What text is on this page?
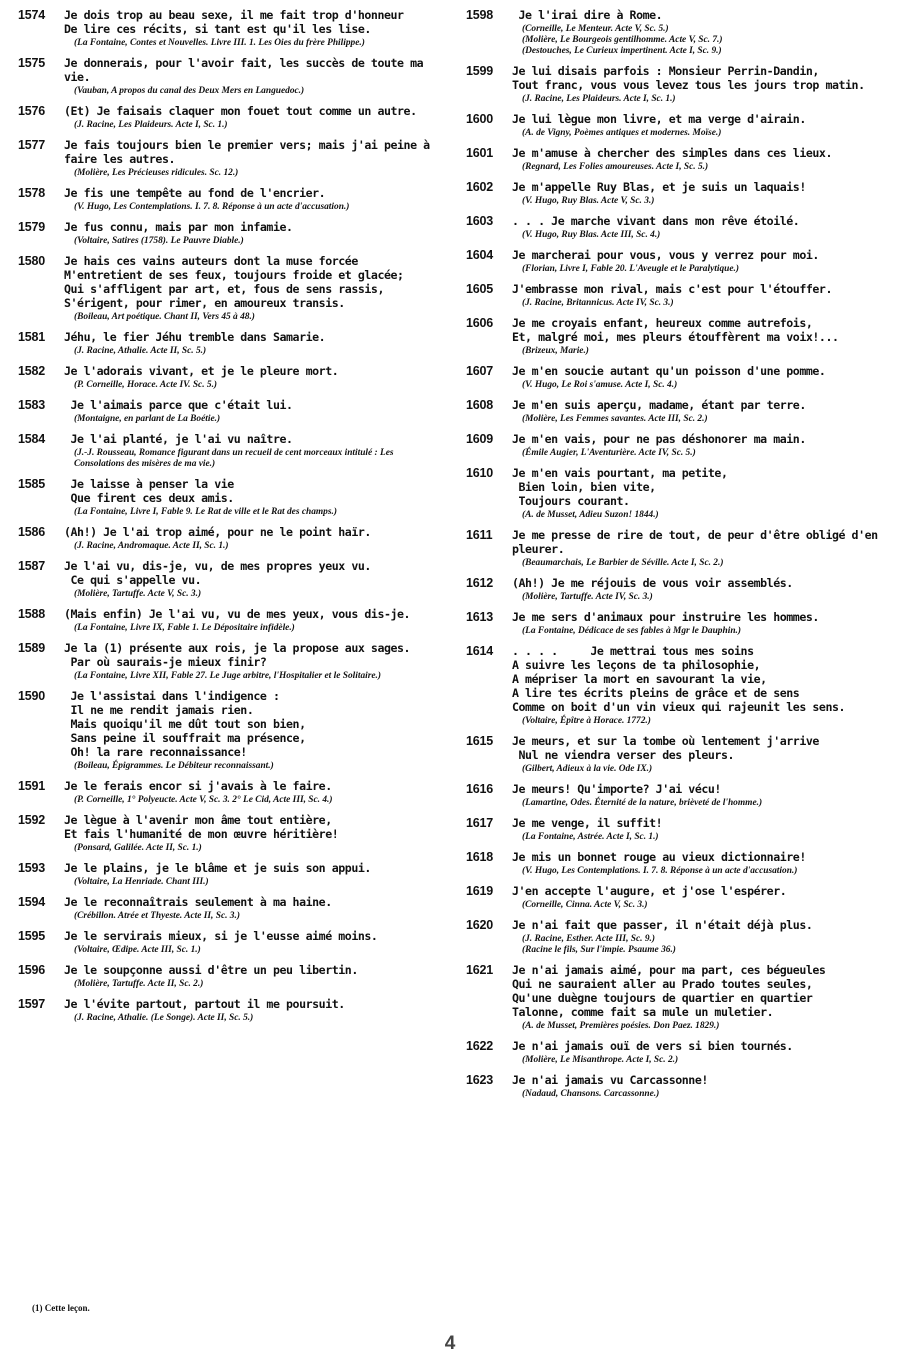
1574	Je dois trop au beau sexe, il me fait trop d'honneur
De lire ces récits, si tant est qu'il les lise.
(La Fontaine, Contes et Nouvelles. Livre III. 1. Les Oies du frère Philippe.)
1575	Je donnerais, pour l'avoir fait, les succès de toute ma vie.
(Vauban, A propos du canal des Deux Mers en Languedoc.)
1576	(Et) Je faisais claquer mon fouet tout comme un autre.
(J. Racine, Les Plaideurs. Acte I, Sc. 1.)
1577	Je fais toujours bien le premier vers; mais j'ai peine à faire les autres.
(Molière, Les Précieuses ridicules. Sc. 12.)
1578	Je fis une tempête au fond de l'encrier.
(V. Hugo, Les Contemplations. I. 7. 8. Réponse à un acte d'accusation.)
1579	Je fus connu, mais par mon infamie.
(Voltaire, Satires (1758). Le Pauvre Diable.)
1580	Je hais ces vains auteurs dont la muse forcée
M'entretient de ses feux, toujours froide et glacée;
Qui s'affligent par art, et, fous de sens rassis,
S'érigent, pour rimer, en amoureux transis.
(Boileau, Art poétique. Chant II, Vers 45 à 48.)
1581	Jéhu, le fier Jéhu tremble dans Samarie.
(J. Racine, Athalie. Acte II, Sc. 5.)
1582	Je l'adorais vivant, et je le pleure mort.
(P. Corneille, Horace. Acte IV. Sc. 5.)
1583	Je l'aimais parce que c'était lui.
(Montaigne, en parlant de La Boétie.)
1584	Je l'ai planté, je l'ai vu naître.
(J.-J. Rousseau, Romance figurant dans un recueil de cent morceaux intitulé : Les Consolations des misères de ma vie.)
1585	Je laisse à penser la vie
Que firent ces deux amis.
(La Fontaine, Livre I, Fable 9. Le Rat de ville et le Rat des champs.)
1586	(Ah!) Je l'ai trop aimé, pour ne le point haïr.
(J. Racine, Andromaque. Acte II, Sc. 1.)
1587	Je l'ai vu, dis-je, vu, de mes propres yeux vu.
Ce qui s'appelle vu.
(Molière, Tartuffe. Acte V, Sc. 3.)
1588	(Mais enfin) Je l'ai vu, vu de mes yeux, vous dis-je.
(La Fontaine, Livre IX, Fable 1. Le Dépositaire infidèle.)
1589	Je la (1) présente aux rois, je la propose aux sages.
Par où saurais-je mieux finir?
(La Fontaine, Livre XII, Fable 27. Le Juge arbitre, l'Hospitalier et le Solitaire.)
1590	Je l'assistai dans l'indigence :
Il ne me rendit jamais rien.
Mais quoiqu'il me dût tout son bien,
Sans peine il souffrait ma présence,
Oh! la rare reconnaissance!
(Boileau, Épigrammes. Le Débiteur reconnaissant.)
1591	Je le ferais encor si j'avais à le faire.
(P. Corneille, 1° Polyeucte. Acte V, Sc. 3. 2° Le Cid, Acte III, Sc. 4.)
1592	Je lègue à l'avenir mon âme tout entière,
Et fais l'humanité de mon œuvre héritière!
(Ponsard, Galilée. Acte II, Sc. 1.)
1593	Je le plains, je le blâme et je suis son appui.
(Voltaire, La Henriade. Chant III.)
1594	Je le reconnaîtrais seulement à ma haine.
(Crébillon. Atrée et Thyeste. Acte II, Sc. 3.)
1595	Je le servirais mieux, si je l'eusse aimé moins.
(Voltaire, Œdipe. Acte III, Sc. 1.)
1596	Je le soupçonne aussi d'être un peu libertin.
(Molière, Tartuffe. Acte II, Sc. 2.)
1597	Je l'évite partout, partout il me poursuit.
(J. Racine, Athalie. (Le Songe). Acte II, Sc. 5.)
1598	Je l'irai dire à Rome.
(Corneille, Le Menteur. Acte V, Sc. 5.)
(Molière, Le Bourgeois gentilhomme. Acte V, Sc. 7.)
(Destouches, Le Curieux impertinent. Acte I, Sc. 9.)
1599	Je lui disais parfois : Monsieur Perrin-Dandin,
Tout franc, vous vous levez tous les jours trop matin.
(J. Racine, Les Plaideurs. Acte I, Sc. 1.)
1600	Je lui lègue mon livre, et ma verge d'airain.
(A. de Vigny, Poèmes antiques et modernes. Moïse.)
1601	Je m'amuse à chercher des simples dans ces lieux.
(Regnard, Les Folies amoureuses. Acte I, Sc. 5.)
1602	Je m'appelle Ruy Blas, et je suis un laquais!
(V. Hugo, Ruy Blas. Acte V, Sc. 3.)
1603	. . . Je marche vivant dans mon rêve étoilé.
(V. Hugo, Ruy Blas. Acte III, Sc. 4.)
1604	Je marcherai pour vous, vous y verrez pour moi.
(Florian, Livre I, Fable 20. L'Aveugle et le Paralytique.)
1605	J'embrasse mon rival, mais c'est pour l'étouffer.
(J. Racine, Britannicus. Acte IV, Sc. 3.)
1606	Je me croyais enfant, heureux comme autrefois,
Et, malgré moi, mes pleurs étouffèrent ma voix!...
(Brizeux, Marie.)
1607	Je m'en soucie autant qu'un poisson d'une pomme.
(V. Hugo, Le Roi s'amuse. Acte I, Sc. 4.)
1608	Je m'en suis aperçu, madame, étant par terre.
(Molière, Les Femmes savantes. Acte III, Sc. 2.)
1609	Je m'en vais, pour ne pas déshonorer ma main.
(Émile Augier, L'Aventurière. Acte IV, Sc. 5.)
1610	Je m'en vais pourtant, ma petite,
Bien loin, bien vite,
Toujours courant.
(A. de Musset, Adieu Suzon! 1844.)
1611	Je me presse de rire de tout, de peur d'être obligé d'en pleurer.
(Beaumarchais, Le Barbier de Séville. Acte I, Sc. 2.)
1612	(Ah!) Je me réjouis de vous voir assemblés.
(Molière, Tartuffe. Acte IV, Sc. 3.)
1613	Je me sers d'animaux pour instruire les hommes.
(La Fontaine, Dédicace de ses fables à Mgr le Dauphin.)
1614	. . . .     Je mettrai tous mes soins
A suivre les leçons de ta philosophie,
A mépriser la mort en savourant la vie,
A lire tes écrits pleins de grâce et de sens
Comme on boit d'un vin vieux qui rajeunit les sens.
(Voltaire, Épître à Horace. 1772.)
1615	Je meurs, et sur la tombe où lentement j'arrive
Nul ne viendra verser des pleurs.
(Gilbert, Adieux à la vie. Ode IX.)
1616	Je meurs! Qu'importe? J'ai vécu!
(Lamartine, Odes. Éternité de la nature, brièveté de l'homme.)
1617	Je me venge, il suffit!
(La Fontaine, Astrée. Acte I, Sc. 1.)
1618	Je mis un bonnet rouge au vieux dictionnaire!
(V. Hugo, Les Contemplations. I. 7. 8. Réponse à un acte d'accusation.)
1619	J'en accepte l'augure, et j'ose l'espérer.
(Corneille, Cinna. Acte V, Sc. 3.)
1620	Je n'ai fait que passer, il n'était déjà plus.
(J. Racine, Esther. Acte III, Sc. 9.)
(Racine le fils, Sur l'impie. Psaume 36.)
1621	Je n'ai jamais aimé, pour ma part, ces bégueules
Qui ne sauraient aller au Prado toutes seules,
Qu'une duègne toujours de quartier en quartier
Talonne, comme fait sa mule un muletier.
(A. de Musset, Premières poésies. Don Paez. 1829.)
1622	Je n'ai jamais ouï de vers si bien tournés.
(Molière, Le Misanthrope. Acte I, Sc. 2.)
1623	Je n'ai jamais vu Carcassonne!
(Nadaud, Chansons. Carcassonne.)
(1) Cette leçon.
4
